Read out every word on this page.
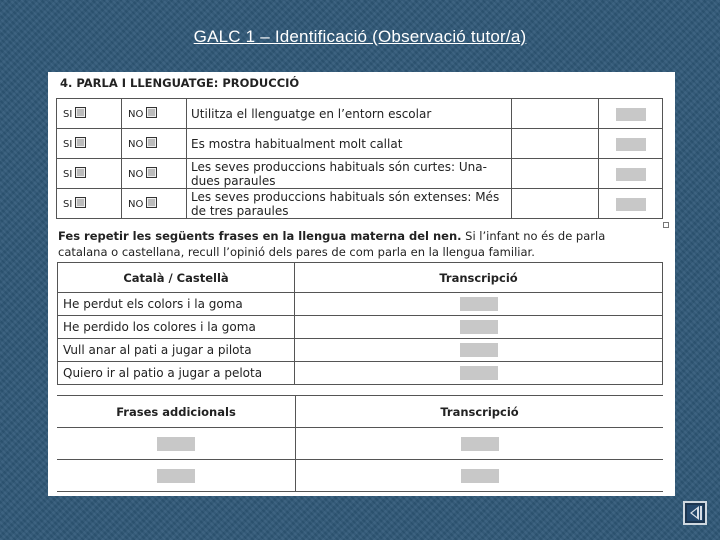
GALC 1 – Identificació (Observació tutor/a)
4. PARLA I LLENGUATGE: PRODUCCIÓ
SI	NO	Utilitza el llenguatge en l’entorn escolar		
SI	NO	Es mostra habitualment molt callat		
SI	NO	Les seves produccions habituals són curtes: Una-dues paraules		
SI	NO	Les seves produccions habituals són extenses: Més de tres paraules		
Fes repetir les següents frases en la llengua materna del nen. Si l’infant no és de parla catalana o castellana, recull l’opinió dels pares de com parla en la llengua familiar.
Català / Castellà	Transcripció
He perdut els colors i la goma	
He perdido los colores i la goma	
Vull anar al pati a jugar a pilota	
Quiero ir al patio a jugar a pelota	
Frases addicionals	Transcripció
